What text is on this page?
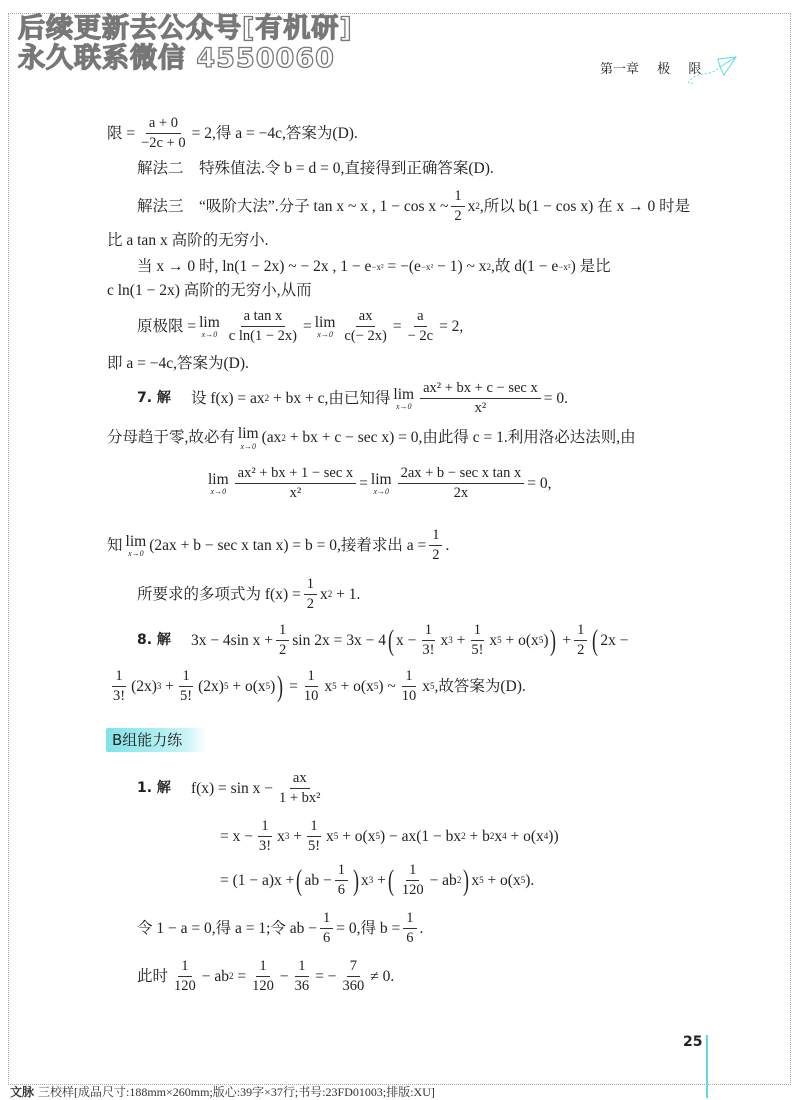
后续更新去公众号[有机研]
永久联系微信 4550060	第一章 极 限
限 = $\frac{a + 0}{-2c + 0} = 2$,得 a = −4c,答案为(D).
解法二　特殊值法.令 b = d = 0,直接得到正确答案(D).
解法三　“吸阶大法”.分子 tan x ~ x , 1 − cos x ~ $\frac{1}{2}$ x 2 ,所以 b(1 − cos x) 在 x → 0 时是
比 a tan x 高阶的无穷小.
当 x → 0 时, ln(1 − 2x) ~ − 2x , 1 − e −x² = −(e −x² − 1) ~ x 2 ,故 d(1 − e −x² ) 是比
c ln(1 − 2x) 高阶的无穷小,从而
原极限 = lim
$x\to 0 \frac{\text{a tan x}}{\text{c ln(1 − 2x)}} = \lim$
$x\to 0 \frac{ax}{c(- 2x)} = \frac{a}{- 2c} = 2$,
即 a = −4c,答案为(D).
7. 解 设 f(x) = ax 2 + bx + c,由已知得 lim
$x\to 0 \frac{\text{ax² + bx + c − sec x}}{\text{x²}} = 0$.
分母趋于零,故必有 lim
x→0
(ax 2 + bx + c − sec x) = 0,由此得 c = 1.利用洛必达法则,由
lim
$x\to 0 \frac{\text{ax² + bx + 1 − sec x}}{\text{x²}} = \lim$
$x\to 0 \frac{\text{2ax + b − sec x tan x}}{2x} = 0$,
知 lim
x→0
(2ax + b − sec x tan x) = b = 0,接着求出 $a = \frac{1}{2}$ .
所要求的多项式为 $f(x) = \frac{1}{2}$ x 2 + 1.
8. 解 3x − 4sin $x + \frac{1}{2}$ sin 2x = 3x − 4 ( $x - \frac{1}{3!}$ x $3 + \frac{1}{5!}$ x 5 + o(x 5 ) ) + $\frac{1}{2}$ ( 2x −
$\frac{1}{3!} (2x) 3 + \frac{1}{5!} (2x) 5 + o(x$ 5 ) ) = $\frac{1}{10}$ x 5 + o(x 5 ) ~ $\frac{1}{10}$ x 5 ,故答案为(D).
B组能力练
1. 解 $f(x) = \sin x - \frac{ax}{\text{1 + bx²}}$
= $x - \frac{1}{3!}$ x $3 + \frac{1}{5!}$ x 5 + o(x 5 ) − ax(1 − bx 2 + b 2 x 4 + o(x 4 ))
= (1 − a)x + ( ab − $\frac{1}{6}$ ) x 3 + ( $\frac{1}{120}$ − ab 2 ) x 5 + o(x 5 ).
令 1 − a = 0,得 a = 1;令 ab − $\frac{1}{6} = 0$,得 $b = \frac{1}{6}$ .
此时 $\frac{1}{120}$ − ab $2 = \frac{1}{120} - \frac{1}{36}$ = − $\frac{7}{360} \ne 0$.
25
文脉 三校样[成品尺寸:188mm×260mm;版心:39字×37行;书号:23FD01003;排版:XU]
